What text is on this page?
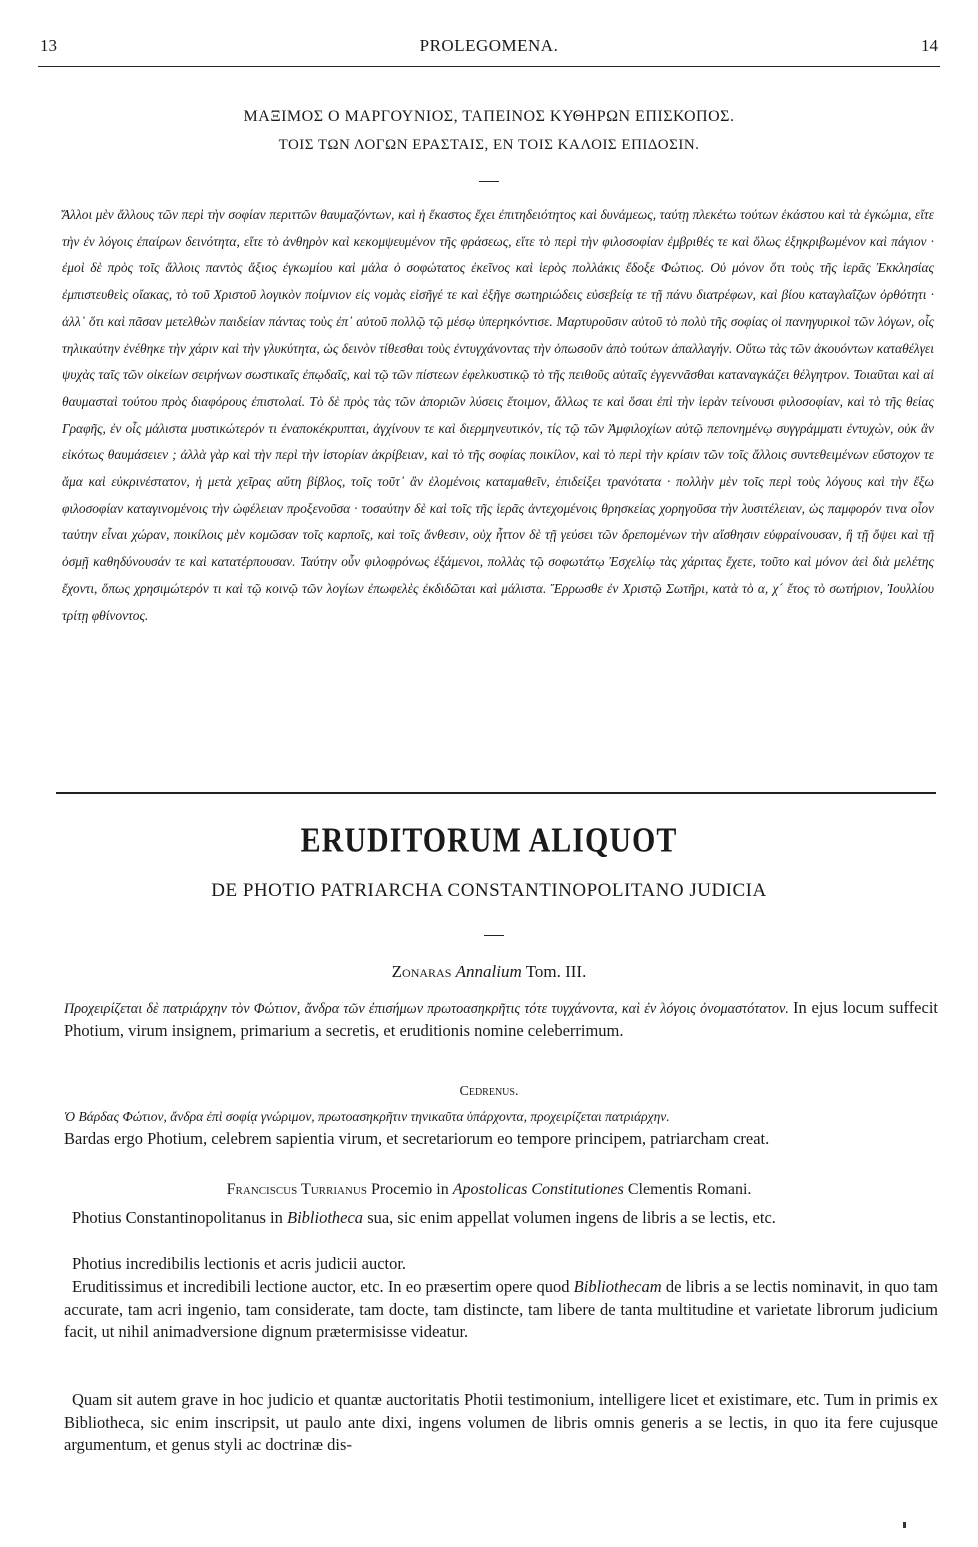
13	PROLEGOMENA.	14
ΜΑΞΙΜΟΣ Ο ΜΑΡΓΟΥΝΙΟΣ, ΤΑΠΕΙΝΟΣ ΚΥΘΗΡΩΝ ΕΠΙΣΚΟΠΟΣ.
ΤΟΙΣ ΤΩΝ ΛΟΓΩΝ ΕΡΑΣΤΑΙΣ, ΕΝ ΤΟΙΣ ΚΑΛΟΙΣ ΕΠΙΔΟΣΙΝ.

Ἄλλοι μὲν ἄλλους τῶν περὶ τὴν σοφίαν περιττῶν θαυμαζόντων, καὶ ἡ ἕκαστος ἔχει ἐπιτηδειότητος καὶ δυνάμεως, ταύτῃ πλεκέτω τούτων ἑκάστου καὶ τὰ ἐγκώμια, εἴτε τὴν ἐν λόγοις ἐπαίρων δεινότητα, εἴτε τὸ ἀνθηρὸν καὶ κεκομψευμένον τῆς φράσεως, εἴτε τὸ περὶ τὴν φιλοσοφίαν ἐμβριθές τε καὶ ὅλως ἐξηκριβωμένον καὶ πάγιον · ἐμοὶ δὲ πρὸς τοῖς ἄλλοις παντὸς ἄξιος ἐγκωμίου καὶ μάλα ὁ σοφώτατος ἐκεῖνος καὶ ἱερὸς πολλάκις ἔδοξε Φώτιος. Οὐ μόνον ὅτι τοὺς τῆς ἱερᾶς Ἐκκλησίας ἐμπιστευθεὶς οἴακας, τὸ τοῦ Χριστοῦ λογικὸν ποίμνιον εἰς νομὰς εἰσῆγέ τε καὶ ἐξῆγε σωτηριώδεις εὐσεβείᾳ τε τῇ πάνυ διατρέφων, καὶ βίου καταγλαΐζων ὀρθότητι · ἀλλ᾽ ὅτι καὶ πᾶσαν μετελθὼν παιδείαν πάντας τοὺς ἐπ᾽ αὐτοῦ πολλῷ τῷ μέσῳ ὑπερηκόντισε. Μαρτυροῦσιν αὐτοῦ τὸ πολὺ τῆς σοφίας οἱ πανηγυρικοὶ τῶν λόγων, οἷς τηλικαύτην ἐνέθηκε τὴν χάριν καὶ τὴν γλυκύτητα, ὡς δεινὸν τίθεσθαι τοὺς ἐντυγχάνοντας τὴν ὁπωσοῦν ἀπὸ τούτων ἀπαλλαγήν. Οὕτω τὰς τῶν ἀκουόντων καταθέλγει ψυχὰς ταῖς τῶν οἰκείων σειρήνων σωστικαῖς ἐπῳδαῖς, καὶ τῷ τῶν πίστεων ἐφελκυστικῷ τὸ τῆς πειθοῦς αὐταῖς ἐγγεννᾶσθαι καταναγκάζει θέλγητρον. Τοιαῦται καὶ αἱ θαυμασταὶ τούτου πρὸς διαφόρους ἐπιστολαί. Τὸ δὲ πρὸς τὰς τῶν ἀποριῶν λύσεις ἕτοιμον, ἄλλως τε καὶ ὅσαι ἐπὶ τὴν ἱερὰν τείνουσι φιλοσοφίαν, καὶ τὸ τῆς θείας Γραφῆς, ἐν οἷς μάλιστα μυστικώτερόν τι ἐναποκέκρυπται, ἀγχίνουν τε καὶ διερμηνευτικόν, τίς τῷ τῶν Ἀμφιλοχίων αὐτῷ πεπονημένῳ συγγράμματι ἐντυχὼν, οὐκ ἂν εἰκότως θαυμάσειεν ; ἀλλὰ γὰρ καὶ τὴν περὶ τὴν ἱστορίαν ἀκρίβειαν, καὶ τὸ τῆς σοφίας ποικίλον, καὶ τὸ περὶ τὴν κρίσιν τῶν τοῖς ἄλλοις συντεθειμένων εὔστοχον τε ἅμα καὶ εὐκρινέστατον, ἡ μετὰ χεῖρας αὕτη βίβλος, τοῖς τοῦτ᾽ ἂν ἑλομένοις καταμαθεῖν, ἐπιδείξει τρανότατα · πολλὴν μὲν τοῖς περὶ τοὺς λόγους καὶ τὴν ἔξω φιλοσοφίαν καταγινομένοις τὴν ὠφέλειαν προξενοῦσα · τοσαύτην δὲ καὶ τοῖς τῆς ἱερᾶς ἀντεχομένοις θρησκείας χορηγοῦσα τὴν λυσιτέλειαν, ὡς παμφορόν τινα οἷον ταύτην εἶναι χώραν, ποικίλοις μὲν κομῶσαν τοῖς καρποῖς, καὶ τοῖς ἄνθεσιν, οὐχ ἧττον δὲ τῇ γεύσει τῶν δρεπομένων τὴν αἴσθησιν εὐφραίνουσαν, ἢ τῇ ὄψει καὶ τῇ ὀσμῇ καθηδύνουσάν τε καὶ κατατέρπουσαν. Ταύτην οὖν φιλοφρόνως ἐξάμενοι, πολλὰς τῷ σοφωτάτῳ Ἐσχελίῳ τὰς χάριτας ἔχετε, τοῦτο καὶ μόνον ἀεὶ διὰ μελέτης ἔχοντι, ὅπως χρησιμώτερόν τι καὶ τῷ κοινῷ τῶν λογίων ἐπωφελὲς ἐκδιδῶται καὶ μάλιστα. Ἔρρωσθε ἐν Χριστῷ Σωτῆρι, κατὰ τὸ α, χ´ ἔτος τὸ σωτήριον, Ἰουλλίου τρίτῃ φθίνοντος.

ERUDITORUM ALIQUOT
DE PHOTIO PATRIARCHA CONSTANTINOPOLITANO JUDICIA
Zonaras Annalium Tom. III.

Προχειρίζεται δὲ πατριάρχην τὸν Φώτιον, ἄνδρα τῶν ἐπισήμων πρωτοασηκρῆτις τότε τυγχάνοντα, καὶ ἐν λόγοις ὀνομαστότατον. In ejus locum suffecit Photium, virum insignem, primarium a secretis, et eruditionis nomine celeberrimum.

Cedrenus.

Ὁ Βάρδας Φώτιον, ἄνδρα ἐπὶ σοφίᾳ γνώριμον, πρωτοασηκρῆτιν τηνικαῦτα ὑπάρχοντα, προχειρίζεται πατριάρχην.

Bardas ergo Photium, celebrem sapientia virum, et secretariorum eo tempore principem, patriarcham creat.

Franciscus Turrianus Procemio in Apostolicas Constitutiones Clementis Romani.

Photius Constantinopolitanus in Bibliotheca sua, sic enim appellat volumen ingens de libris a se lectis, etc.

Photius incredibilis lectionis et acris judicii auctor.

Eruditissimus et incredibili lectione auctor, etc. In eo præsertim opere quod Bibliothecam de libris a se lectis nominavit, in quo tam accurate, tam acri ingenio, tam considerate, tam docte, tam distincte, tam libere de tanta multitudine et varietate librorum judicium facit, ut nihil animadversione dignum prætermisisse videatur.

Quam sit autem grave in hoc judicio et quantæ auctoritatis Photii testimonium, intelligere licet et existimare, etc. Tum in primis ex Bibliotheca, sic enim inscripsit, ut paulo ante dixi, ingens volumen de libris omnis generis a se lectis, in quo ita fere cujusque argumentum, et genus styli ac doctrinæ dis-
